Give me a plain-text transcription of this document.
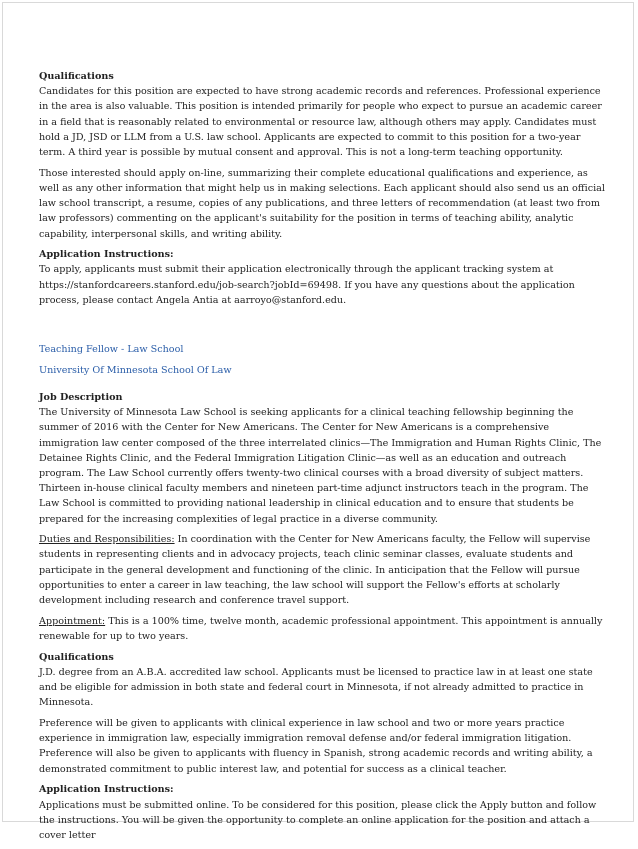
Qualifications

Candidates for this position are expected to have strong academic records and references. Professional experience in the area is also valuable. This position is intended primarily for people who expect to pursue an academic career in a field that is reasonably related to environmental or resource law, although others may apply. Candidates must hold a JD, JSD or LLM from a U.S. law school. Applicants are expected to commit to this position for a two-year term. A third year is possible by mutual consent and approval. This is not a long-term teaching opportunity.

Those interested should apply on-line, summarizing their complete educational qualifications and experience, as well as any other information that might help us in making selections. Each applicant should also send us an official law school transcript, a resume, copies of any publications, and three letters of recommendation (at least two from law professors) commenting on the applicant's suitability for the position in terms of teaching ability, analytic capability, interpersonal skills, and writing ability.

Application Instructions:

To apply, applicants must submit their application electronically through the applicant tracking system at https://stanfordcareers.stanford.edu/job-search?jobId=69498. If you have any questions about the application process, please contact Angela Antia at aarroyo@stanford.edu.

Teaching Fellow - Law School

University Of Minnesota School Of Law

Job Description

The University of Minnesota Law School is seeking applicants for a clinical teaching fellowship beginning the summer of 2016 with the Center for New Americans. The Center for New Americans is a comprehensive immigration law center composed of the three interrelated clinics—The Immigration and Human Rights Clinic, The Detainee Rights Clinic, and the Federal Immigration Litigation Clinic—as well as an education and outreach program. The Law School currently offers twenty-two clinical courses with a broad diversity of subject matters. Thirteen in-house clinical faculty members and nineteen part-time adjunct instructors teach in the program. The Law School is committed to providing national leadership in clinical education and to ensure that students be prepared for the increasing complexities of legal practice in a diverse community.

Duties and Responsibilities: In coordination with the Center for New Americans faculty, the Fellow will supervise students in representing clients and in advocacy projects, teach clinic seminar classes, evaluate students and participate in the general development and functioning of the clinic. In anticipation that the Fellow will pursue opportunities to enter a career in law teaching, the law school will support the Fellow's efforts at scholarly development including research and conference travel support.

Appointment: This is a 100% time, twelve month, academic professional appointment. This appointment is annually renewable for up to two years.

Qualifications

J.D. degree from an A.B.A. accredited law school. Applicants must be licensed to practice law in at least one state and be eligible for admission in both state and federal court in Minnesota, if not already admitted to practice in Minnesota.

Preference will be given to applicants with clinical experience in law school and two or more years practice experience in immigration law, especially immigration removal defense and/or federal immigration litigation. Preference will also be given to applicants with fluency in Spanish, strong academic records and writing ability, a demonstrated commitment to public interest law, and potential for success as a clinical teacher.

Application Instructions:

Applications must be submitted online. To be considered for this position, please click the Apply button and follow the instructions. You will be given the opportunity to complete an online application for the position and attach a cover letter
